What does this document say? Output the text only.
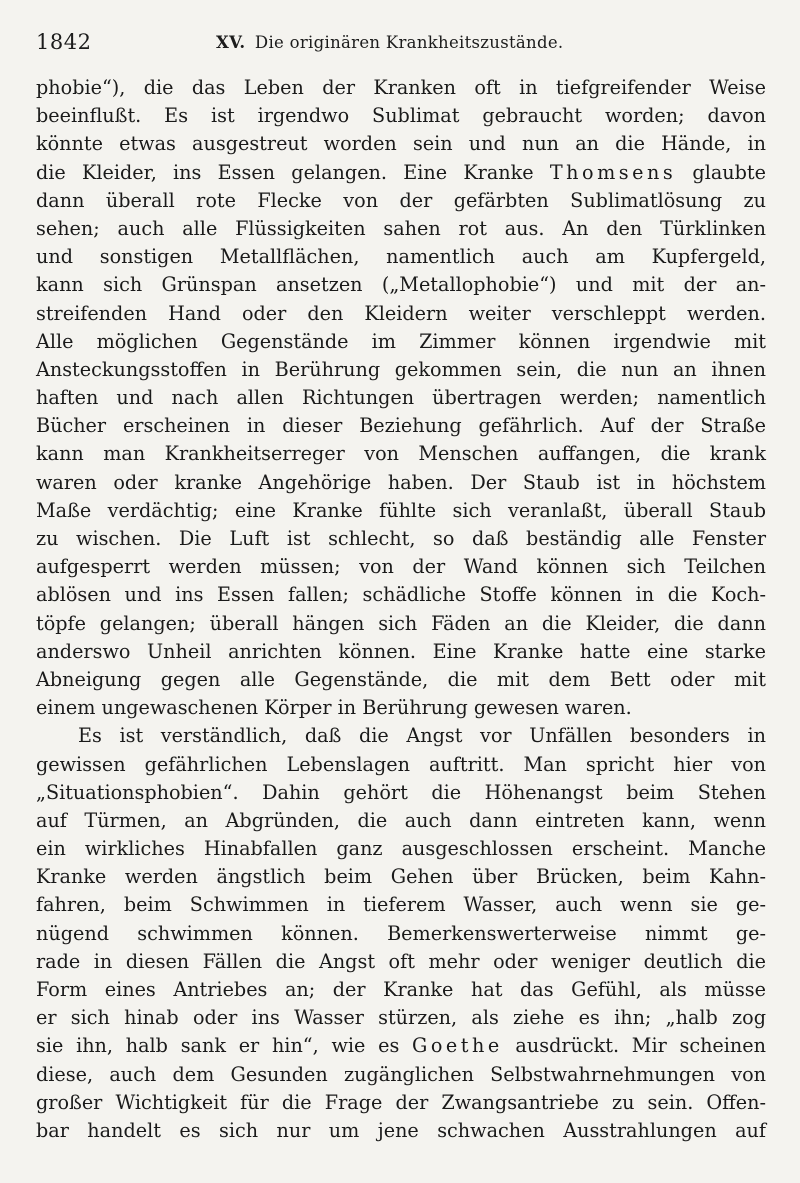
1842	XV. Die originären Krankheitszustände.
phobie“), die das Leben der Kranken oft in tiefgreifender Weise
beeinflußt. Es ist irgendwo Sublimat gebraucht worden; davon
könnte etwas ausgestreut worden sein und nun an die Hände, in
die Kleider, ins Essen gelangen. Eine Kranke Thomsens glaubte
dann überall rote Flecke von der gefärbten Sublimatlösung zu
sehen; auch alle Flüssigkeiten sahen rot aus. An den Türklinken
und sonstigen Metallflächen, namentlich auch am Kupfergeld,
kann sich Grünspan ansetzen („Metallophobie“) und mit der an-
streifenden Hand oder den Kleidern weiter verschleppt werden.
Alle möglichen Gegenstände im Zimmer können irgendwie mit
Ansteckungsstoffen in Berührung gekommen sein, die nun an ihnen
haften und nach allen Richtungen übertragen werden; namentlich
Bücher erscheinen in dieser Beziehung gefährlich. Auf der Straße
kann man Krankheitserreger von Menschen auffangen, die krank
waren oder kranke Angehörige haben. Der Staub ist in höchstem
Maße verdächtig; eine Kranke fühlte sich veranlaßt, überall Staub
zu wischen. Die Luft ist schlecht, so daß beständig alle Fenster
aufgesperrt werden müssen; von der Wand können sich Teilchen
ablösen und ins Essen fallen; schädliche Stoffe können in die Koch-
töpfe gelangen; überall hängen sich Fäden an die Kleider, die dann
anderswo Unheil anrichten können. Eine Kranke hatte eine starke
Abneigung gegen alle Gegenstände, die mit dem Bett oder mit
einem ungewaschenen Körper in Berührung gewesen waren.
Es ist verständlich, daß die Angst vor Unfällen besonders in
gewissen gefährlichen Lebenslagen auftritt. Man spricht hier von
„Situationsphobien“. Dahin gehört die Höhenangst beim Stehen
auf Türmen, an Abgründen, die auch dann eintreten kann, wenn
ein wirkliches Hinabfallen ganz ausgeschlossen erscheint. Manche
Kranke werden ängstlich beim Gehen über Brücken, beim Kahn-
fahren, beim Schwimmen in tieferem Wasser, auch wenn sie ge-
nügend schwimmen können. Bemerkenswerterweise nimmt ge-
rade in diesen Fällen die Angst oft mehr oder weniger deutlich die
Form eines Antriebes an; der Kranke hat das Gefühl, als müsse
er sich hinab oder ins Wasser stürzen, als ziehe es ihn; „halb zog
sie ihn, halb sank er hin“, wie es Goethe ausdrückt. Mir scheinen
diese, auch dem Gesunden zugänglichen Selbstwahrnehmungen von
großer Wichtigkeit für die Frage der Zwangsantriebe zu sein. Offen-
bar handelt es sich nur um jene schwachen Ausstrahlungen auf
